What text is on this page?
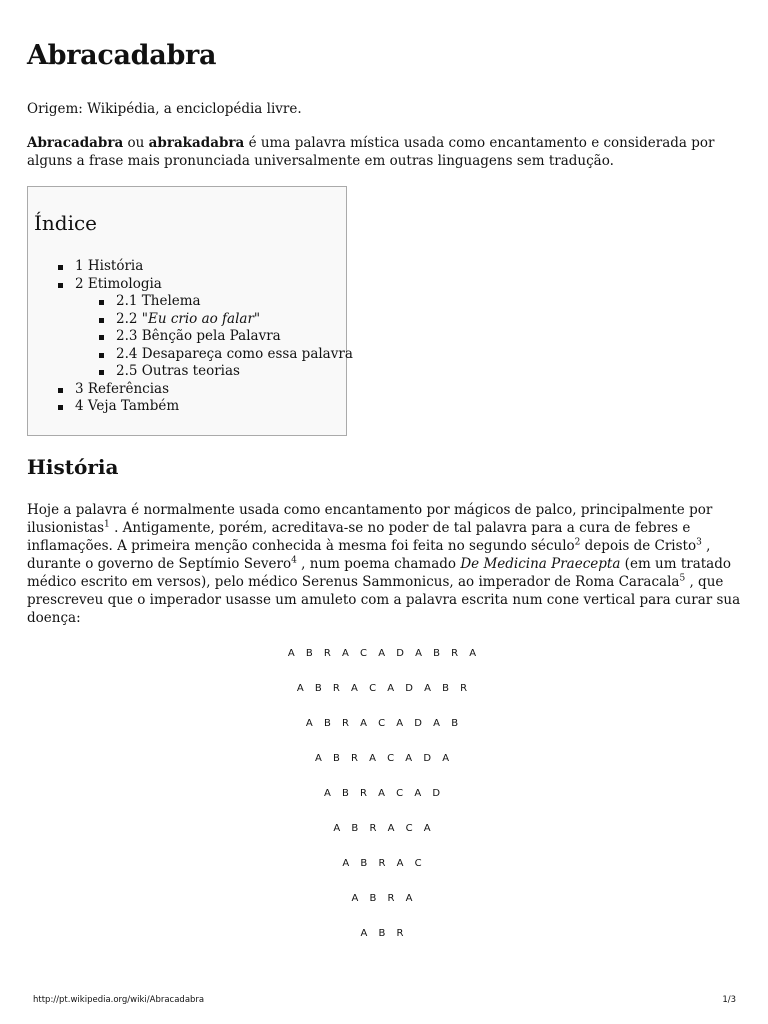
Abracadabra

Origem: Wikipédia, a enciclopédia livre.

Abracadabra ou abrakadabra é uma palavra mística usada como encantamento e considerada por alguns a frase mais pronunciada universalmente em outras linguagens sem tradução.

Índice
1 História
2 Etimologia
2.1 Thelema
2.2 "Eu crio ao falar"
2.3 Bênção pela Palavra
2.4 Desapareça como essa palavra
2.5 Outras teorias
3 Referências
4 Veja Também
História

Hoje a palavra é normalmente usada como encantamento por mágicos de palco, principalmente por ilusionistas$^1$ . Antigamente, porém, acreditava-se no poder de tal palavra para a cura de febres e inflamações. A primeira menção conhecida à mesma foi feita no segundo século$^2$ depois de Cristo$^3$ , durante o governo de Septímio Severo$^4$ , num poema chamado De Medicina Praecepta (em um tratado médico escrito em versos), pelo médico Serenus Sammonicus, ao imperador de Roma Caracala$^5$ , que prescreveu que o imperador usasse um amuleto com a palavra escrita num cone vertical para curar sua doença:

A B R A C A D A B R A
A B R A C A D A B R
A B R A C A D A B
A B R A C A D A
A B R A C A D
A B R A C A
A B R A C
A B R A
A B R
http://pt.wikipedia.org/wiki/Abracadabra	1/3
